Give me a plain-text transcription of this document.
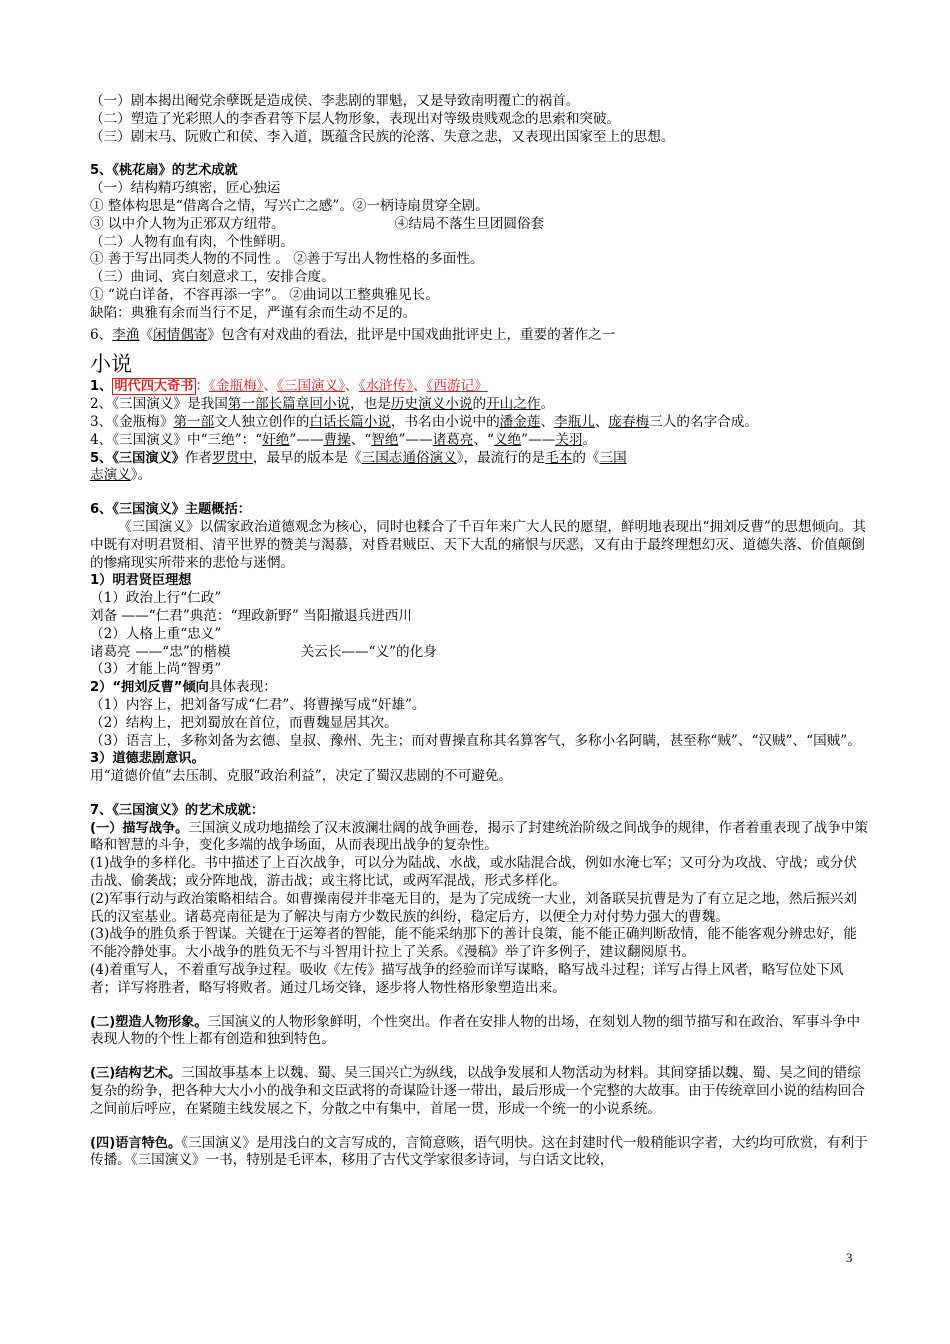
（一）剧本揭出阉党余孽既是造成侯、李悲剧的罪魁，又是导致南明覆亡的祸首。
（二）塑造了光彩照人的李香君等下层人物形象，表现出对等级贵贱观念的思索和突破。
（三）剧末马、阮败亡和侯、李入道，既蕴含民族的沦落、失意之悲，又表现出国家至上的思想。
5、《桃花扇》的艺术成就
（一）结构精巧缜密，匠心独运
① 整体构思是“借离合之情，写兴亡之感”。②一柄诗扇贯穿全剧。
③ 以中介人物为正邪双方纽带。	④结局不落生旦团圆俗套
（二）人物有血有肉，个性鲜明。
① 善于写出同类人物的不同性 。 ②善于写出人物性格的多面性。
（三）曲词、宾白刻意求工，安排合度。
① “说白详备，不容再添一字”。 ②曲词以工整典雅见长。
缺陷：典雅有余而当行不足，严谨有余而生动不足的。
6、李渔《闲情偶寄》包含有对戏曲的看法，批评是中国戏曲批评史上，重要的著作之一
小说
1、 明代四大奇书 ：《金瓶梅》、《三国演义》、《水浒传》、《西游记》
2、《三国演义》是我国第一部长篇章回小说，也是历史演义小说的开山之作。
3、《金瓶梅》第一部文人独立创作的白话长篇小说，书名由小说中的潘金莲、李瓶儿、庞春梅三人的名字合成。
4、《三国演义》中“三绝”：“奸绝”——曹操、“智绝”——诸葛亮、“义绝”——关羽。
5、《三国演义》作者罗贯中，最早的版本是《三国志通俗演义》，最流行的是毛本的《三国
志演义》。
6、《三国演义》主题概括：
《三国演义》以儒家政治道德观念为核心，同时也糅合了千百年来广大人民的愿望，鲜明地表现出“拥刘反曹”的思想倾向。其中既有对明君贤相、清平世界的赞美与渴慕，对昏君贼臣、天下大乱的痛恨与厌恶，又有由于最终理想幻灭、道德失落、价值颠倒的惨痛现实所带来的悲怆与迷惘。
1）明君贤臣理想
（1）政治上行“仁政”
刘备 ——“仁君”典范：“理政新野” 当阳撤退兵进西川
（2）人格上重“忠义”
诸葛亮 ——“忠”的楷模	关云长——“义”的化身
（3）才能上尚“智勇”
2）“拥刘反曹”倾向具体表现：
（1）内容上，把刘备写成“仁君”、将曹操写成“奸雄”。
（2）结构上，把刘蜀放在首位，而曹魏显居其次。
（3）语言上，多称刘备为玄德、皇叔、豫州、先主；而对曹操直称其名算客气，多称小名阿瞒，甚至称“贼”、“汉贼”、“国贼”。
3）道德悲剧意识。
用“道德价值”去压制、克服“政治利益”，决定了蜀汉悲剧的不可避免。
7、《三国演义》的艺术成就：
(一）描写战争。三国演义成功地描绘了汉末波澜壮阔的战争画卷，揭示了封建统治阶级之间战争的规律，作者着重表现了战争中策略和智慧的斗争，变化多端的战争场面，从而表现出战争的复杂性。
(1)战争的多样化。书中描述了上百次战争，可以分为陆战、水战，或水陆混合战，例如水淹七军；又可分为攻战、守战；或分伏击战、偷袭战；或分阵地战，游击战；或主将比试，或两军混战，形式多样化。
(2)军事行动与政治策略相结合。如曹操南侵并非毫无目的，是为了完成统一大业，刘备联吴抗曹是为了有立足之地，然后振兴刘氏的汉室基业。诸葛亮南征是为了解决与南方少数民族的纠纷，稳定后方，以便全力对付势力强大的曹魏。
(3)战争的胜负系于智谋。关键在于运筹者的智能，能不能采纳那下的善计良策，能不能正确判断敌情，能不能客观分辨忠好，能不能冷静处事。大小战争的胜负无不与斗智用计拉上了关系。《漫稿》举了许多例子，建议翻阅原书。
(4)着重写人，不着重写战争过程。吸收《左传》描写战争的经验而详写谋略，略写战斗过程；详写占得上风者，略写位处下风者；详写将胜者，略写将败者。通过几场交锋，逐步将人物性格形象塑造出来。
(二)塑造人物形象。三国演义的人物形象鲜明，个性突出。作者在安排人物的出场，在刻划人物的细节描写和在政治、军事斗争中表现人物的个性上都有创造和独到特色。
(三)结构艺术。三国故事基本上以魏、蜀、吴三国兴亡为纵线，以战争发展和人物活动为材料。其间穿插以魏、蜀、吴之间的错综复杂的纷争，把各种大大小小的战争和文臣武将的奇谋险计逐一带出，最后形成一个完整的大故事。由于传统章回小说的结构回合之间前后呼应，在紧随主线发展之下，分散之中有集中，首尾一贯，形成一个统一的小说系统。
(四)语言特色。《三国演义》是用浅白的文言写成的，言简意赅，语气明快。这在封建时代一般稍能识字者，大约均可欣赏，有利于传播。《三国演义》一书，特别是毛评本，移用了古代文学家很多诗词，与白话文比较，
3
